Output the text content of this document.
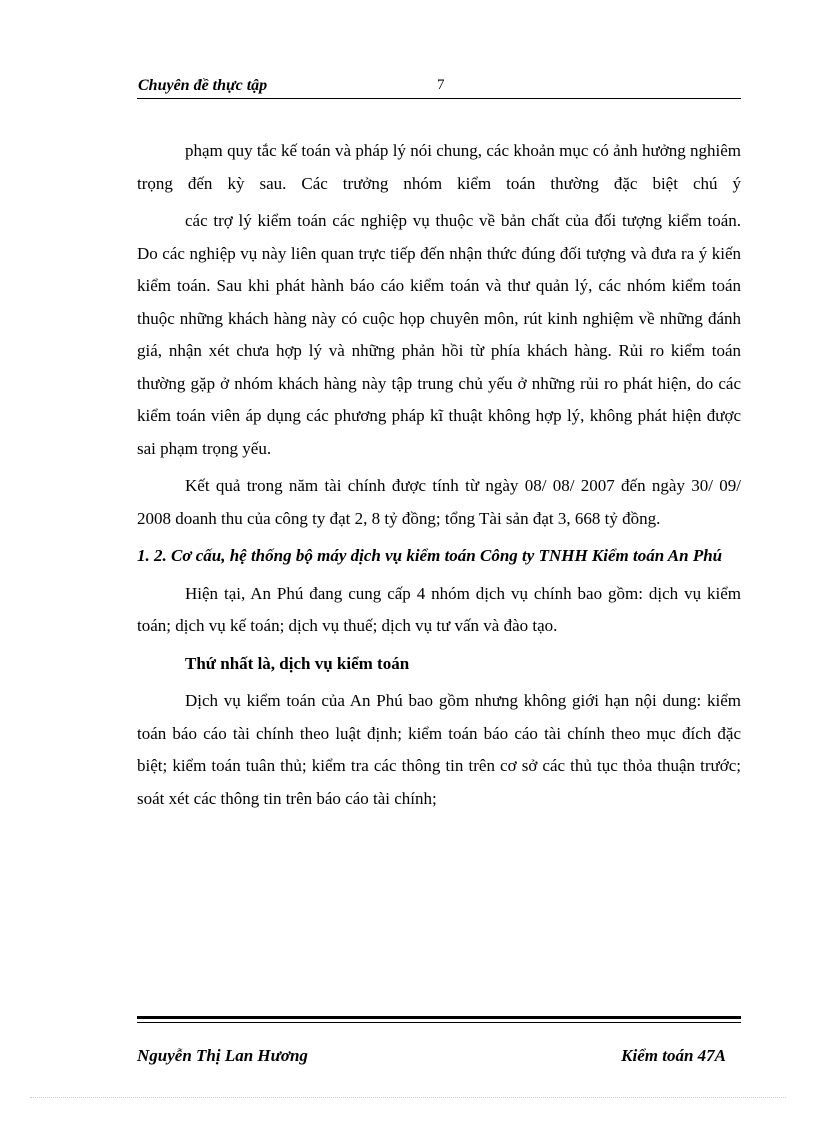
Chuyên đề thực tập	7

phạm quy tắc kế toán và pháp lý nói chung, các khoản mục có ảnh hưởng nghiêm trọng đến kỳ sau. Các trưởng nhóm kiểm toán thường đặc biệt chú ý

các trợ lý kiểm toán các nghiệp vụ thuộc về bản chất của đối tượng kiểm toán. Do các nghiệp vụ này liên quan trực tiếp đến nhận thức đúng đối tượng và đưa ra ý kiến kiểm toán. Sau khi phát hành báo cáo kiểm toán và thư quản lý, các nhóm kiểm toán thuộc những khách hàng này có cuộc họp chuyên môn, rút kinh nghiệm về những đánh giá, nhận xét chưa hợp lý và những phản hồi từ phía khách hàng. Rủi ro kiểm toán thường gặp ở nhóm khách hàng này tập trung chủ yếu ở những rủi ro phát hiện, do các kiểm toán viên áp dụng các phương pháp kĩ thuật không hợp lý, không phát hiện được sai phạm trọng yếu.

Kết quả trong năm tài chính được tính từ ngày 08/ 08/ 2007 đến ngày 30/ 09/ 2008 doanh thu của công ty đạt 2, 8 tỷ đồng; tổng Tài sản đạt 3, 668 tỷ đồng.

1. 2. Cơ cấu, hệ thống bộ máy dịch vụ kiểm toán Công ty TNHH Kiểm toán An Phú

Hiện tại, An Phú đang cung cấp 4 nhóm dịch vụ chính bao gồm: dịch vụ kiểm toán; dịch vụ kế toán; dịch vụ thuế; dịch vụ tư vấn và đào tạo.

Thứ nhất là, dịch vụ kiểm toán

Dịch vụ kiểm toán của An Phú bao gồm nhưng không giới hạn nội dung: kiểm toán báo cáo tài chính theo luật định; kiểm toán báo cáo tài chính theo mục đích đặc biệt; kiểm toán tuân thủ; kiểm tra các thông tin trên cơ sở các thủ tục thỏa thuận trước; soát xét các thông tin trên báo cáo tài chính;

Nguyễn Thị Lan Hương	Kiểm toán 47A
